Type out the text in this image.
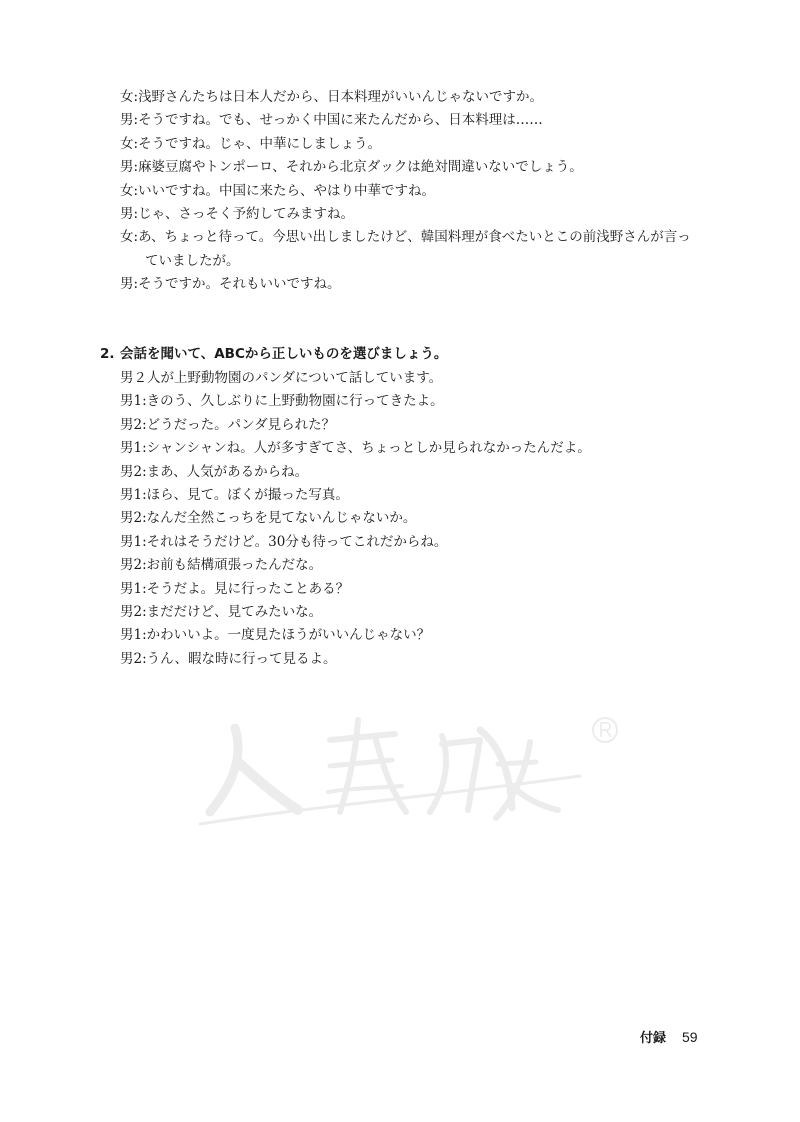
女: 浅野さんたちは日本人だから、日本料理がいいんじゃないですか。
男: そうですね。でも、せっかく中国に来たんだから、日本料理は……
女: そうですね。じゃ、中華にしましょう。
男: 麻婆豆腐やトンポーロ、それから北京ダックは絶対間違いないでしょう。
女: いいですね。中国に来たら、やはり中華ですね。
男: じゃ、さっそく予約してみますね。
女: あ、ちょっと待って。今思い出しましたけど、韓国料理が食べたいとこの前浅野さんが言っ
ていましたが。
男: そうですか。それもいいですね。
2. 会話を聞いて、ABCから正しいものを選びましょう。
男２人が上野動物園のパンダについて話しています。
男1: きのう、久しぶりに上野動物園に行ってきたよ。
男2: どうだった。パンダ見られた？
男1: シャンシャンね。人が多すぎてさ、ちょっとしか見られなかったんだよ。
男2: まあ、人気があるからね。
男1: ほら、見て。ぼくが撮った写真。
男2: なんだ全然こっちを見てないんじゃないか。
男1: それはそうだけど。30分も待ってこれだからね。
男2: お前も結構頑張ったんだな。
男1: そうだよ。見に行ったことある？
男2: まだだけど、見てみたいな。
男1: かわいいよ。一度見たほうがいいんじゃない？
男2: うん、暇な時に行って見るよ。
付録 59
